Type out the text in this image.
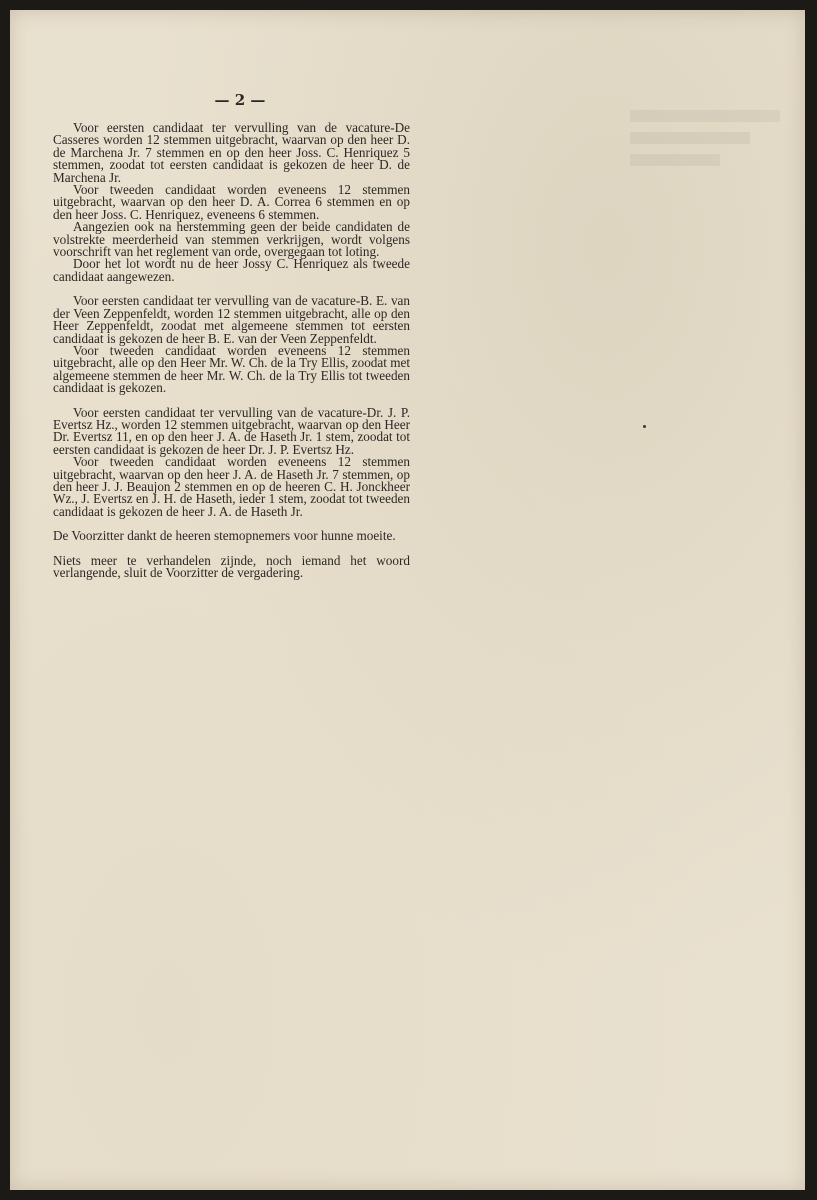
— 2 —

Voor eersten candidaat ter vervulling van de vacature-De Casseres worden 12 stemmen uitgebracht, waarvan op den heer D. de Marchena Jr. 7 stemmen en op den heer Joss. C. Henriquez 5 stemmen, zoodat tot eersten candidaat is gekozen de heer D. de Marchena Jr.

Voor tweeden candidaat worden eveneens 12 stemmen uitgebracht, waarvan op den heer D. A. Correa 6 stemmen en op den heer Joss. C. Henriquez, eveneens 6 stemmen.

Aangezien ook na herstemming geen der beide candidaten de volstrekte meerderheid van stemmen verkrijgen, wordt volgens voorschrift van het reglement van orde, overgegaan tot loting.

Door het lot wordt nu de heer Jossy C. Henriquez als tweede candidaat aangewezen.

Voor eersten candidaat ter vervulling van de vacature-B. E. van der Veen Zeppenfeldt, worden 12 stemmen uitgebracht, alle op den Heer Zeppenfeldt, zoodat met algemeene stemmen tot eersten candidaat is gekozen de heer B. E. van der Veen Zeppenfeldt.

Voor tweeden candidaat worden eveneens 12 stemmen uitgebracht, alle op den Heer Mr. W. Ch. de la Try Ellis, zoodat met algemeene stemmen de heer Mr. W. Ch. de la Try Ellis tot tweeden candidaat is gekozen.

Voor eersten candidaat ter vervulling van de vacature-Dr. J. P. Evertsz Hz., worden 12 stemmen uitgebracht, waarvan op den Heer Dr. Evertsz 11, en op den heer J. A. de Haseth Jr. 1 stem, zoodat tot eersten candidaat is gekozen de heer Dr. J. P. Evertsz Hz.

Voor tweeden candidaat worden eveneens 12 stemmen uitgebracht, waarvan op den heer J. A. de Haseth Jr. 7 stemmen, op den heer J. J. Beaujon 2 stemmen en op de heeren C. H. Jonckheer Wz., J. Evertsz en J. H. de Haseth, ieder 1 stem, zoodat tot tweeden candidaat is gekozen de heer J. A. de Haseth Jr.

De Voorzitter dankt de heeren stemopnemers voor hunne moeite.

Niets meer te verhandelen zijnde, noch iemand het woord verlangende, sluit de Voorzitter de vergadering.
